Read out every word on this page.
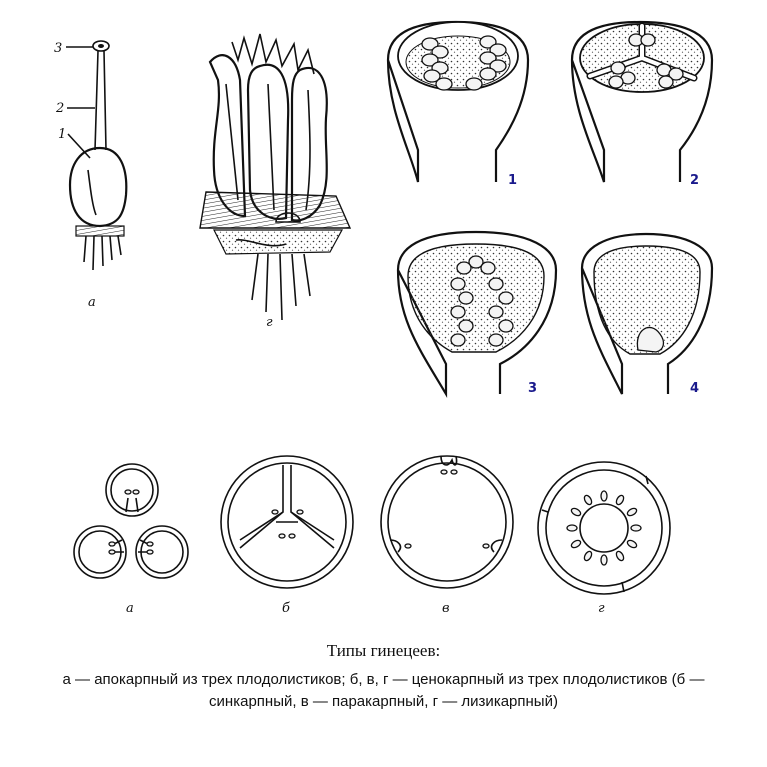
3
2
1
а
г
1	2
3	4
а	б	в	г
Типы гинецеев:
а — апокарпный из трех плодолистиков; б, в, г — ценокарпный из трех плодолистиков (б —
синкарпный, в — паракарпный, г — лизикарпный)
